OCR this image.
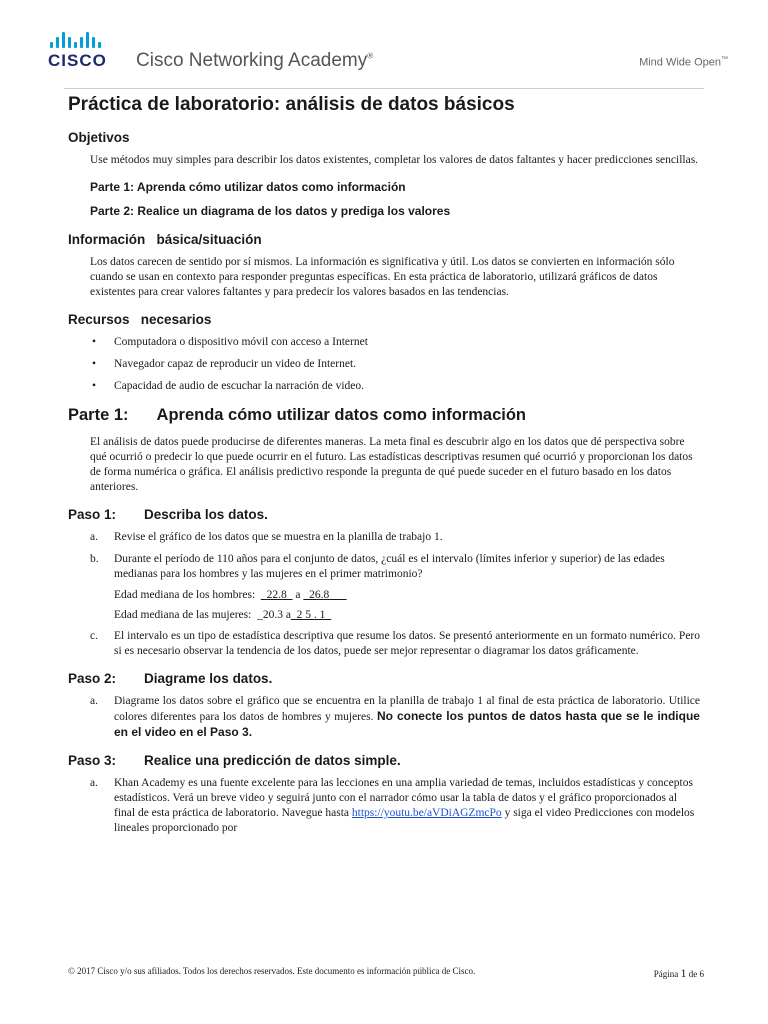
CISCO Cisco Networking Academy®
Mind Wide Open™
Práctica de laboratorio: análisis de datos básicos
Objetivos

Use métodos muy simples para describir los datos existentes, completar los valores de datos faltantes y hacer predicciones sencillas.

Parte 1: Aprenda cómo utilizar datos como información
Parte 2: Realice un diagrama de los datos y prediga los valores
Información básica/situación

Los datos carecen de sentido por sí mismos. La información es significativa y útil. Los datos se convierten en información sólo cuando se usan en contexto para responder preguntas específicas. En esta práctica de laboratorio, utilizará gráficos de datos existentes para crear valores faltantes y para predecir los valores basados en las tendencias.

Recursos necesarios
• Computadora o dispositivo móvil con acceso a Internet
• Navegador capaz de reproducir un video de Internet.
• Capacidad de audio de escuchar la narración de video.
Parte 1: Aprenda cómo utilizar datos como información

El análisis de datos puede producirse de diferentes maneras. La meta final es descubrir algo en los datos que dé perspectiva sobre qué ocurrió o predecir lo que puede ocurrir en el futuro. Las estadísticas descriptivas resumen qué ocurrió y proporcionan los datos de forma numérica o gráfica. El análisis predictivo responde la pregunta de qué puede suceder en el futuro basado en los datos anteriores.

Paso 1: Describa los datos.
a.	Revise el gráfico de los datos que se muestra en la planilla de trabajo 1.
b.	Durante el período de 110 años para el conjunto de datos, ¿cuál es el intervalo (límites inferior y superior) de las edades medianas para los hombres y las mujeres en el primer matrimonio?
Edad mediana de los hombres: _22.8_ a _26.8___
Edad mediana de las mujeres: _20.3 a_2 5 . 1_
c.	El intervalo es un tipo de estadística descriptiva que resume los datos. Se presentó anteriormente en un formato numérico. Pero si es necesario observar la tendencia de los datos, puede ser mejor representar o diagramar los datos gráficamente.
Paso 2: Diagrame los datos.
a.	Diagrame los datos sobre el gráfico que se encuentra en la planilla de trabajo 1 al final de esta práctica de laboratorio. Utilice colores diferentes para los datos de hombres y mujeres. No conecte los puntos de datos hasta que se le indique en el video en el Paso 3.
Paso 3: Realice una predicción de datos simple.
a.	Khan Academy es una fuente excelente para las lecciones en una amplia variedad de temas, incluidos estadísticas y conceptos estadísticos. Verá un breve video y seguirá junto con el narrador cómo usar la tabla de datos y el gráfico proporcionados al final de esta práctica de laboratorio. Navegue hasta https://youtu.be/aVDiAGZmcPo y siga el video Predicciones con modelos lineales proporcionado por
© 2017 Cisco y/o sus afiliados. Todos los derechos reservados. Este documento es información pública de Cisco.	Página 1 de 6
